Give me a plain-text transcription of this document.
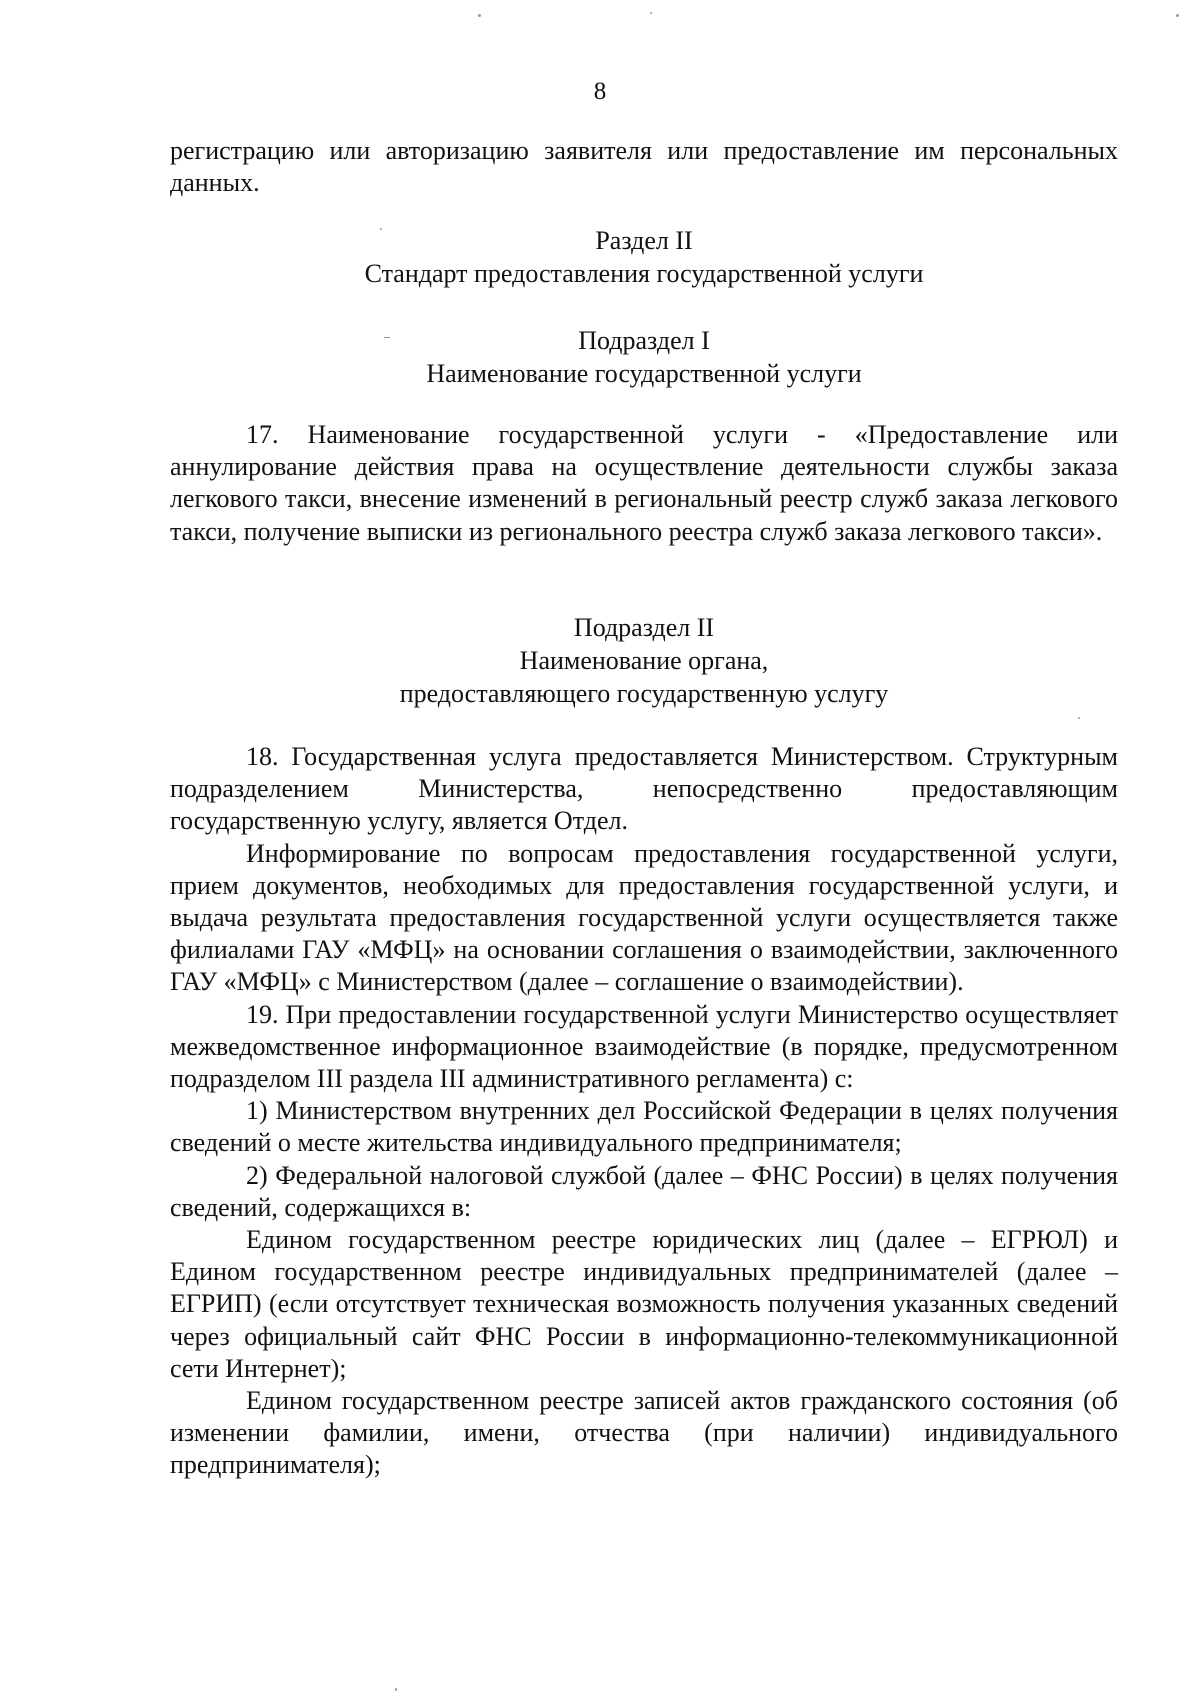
8

регистрацию или авторизацию заявителя или предоставление им персональных данных.

Раздел II
Стандарт предоставления государственной услуги

Подраздел I
Наименование государственной услуги

17. Наименование государственной услуги - «Предоставление или аннулирование действия права на осуществление деятельности службы заказа легкового такси, внесение изменений в региональный реестр служб заказа легкового такси, получение выписки из регионального реестра служб заказа легкового такси».

Подраздел II
Наименование органа,
предоставляющего государственную услугу

18. Государственная услуга предоставляется Министерством. Структурным подразделением Министерства, непосредственно предоставляющим государственную услугу, является Отдел.

Информирование по вопросам предоставления государственной услуги, прием документов, необходимых для предоставления государственной услуги, и выдача результата предоставления государственной услуги осуществляется также филиалами ГАУ «МФЦ» на основании соглашения о взаимодействии, заключенного ГАУ «МФЦ» с Министерством (далее – соглашение о взаимодействии).

19. При предоставлении государственной услуги Министерство осуществляет межведомственное информационное взаимодействие (в порядке, предусмотренном подразделом III раздела III административного регламента) с:

1) Министерством внутренних дел Российской Федерации в целях получения сведений о месте жительства индивидуального предпринимателя;

2) Федеральной налоговой службой (далее – ФНС России) в целях получения сведений, содержащихся в:

Едином государственном реестре юридических лиц (далее – ЕГРЮЛ) и Едином государственном реестре индивидуальных предпринимателей (далее – ЕГРИП) (если отсутствует техническая возможность получения указанных сведений через официальный сайт ФНС России в информационно-телекоммуникационной сети Интернет);

Едином государственном реестре записей актов гражданского состояния (об изменении фамилии, имени, отчества (при наличии) индивидуального предпринимателя);
